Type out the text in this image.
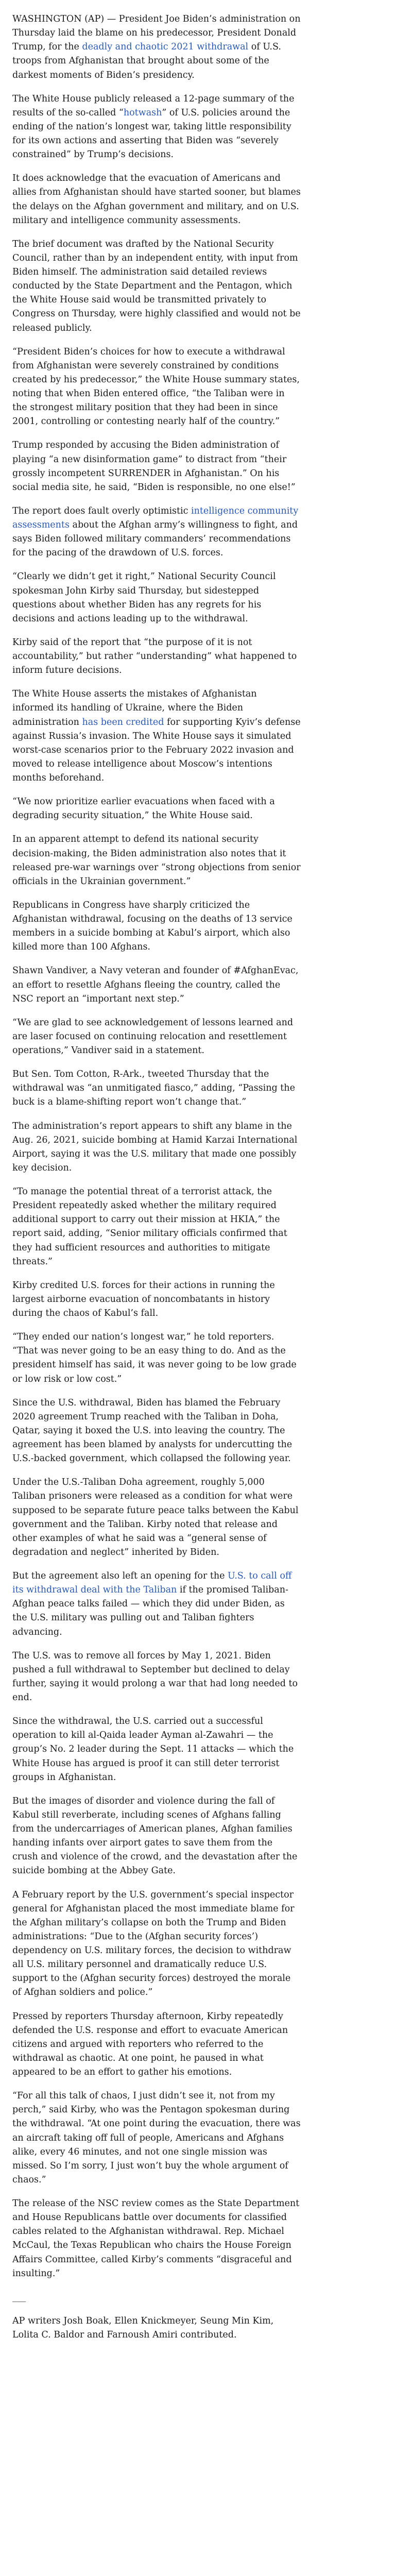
WASHINGTON (AP) — President Joe Biden’s administration on Thursday laid the blame on his predecessor, President Donald Trump, for the deadly and chaotic 2021 withdrawal of U.S. troops from Afghanistan that brought about some of the darkest moments of Biden’s presidency.

The White House publicly released a 12-page summary of the results of the so-called “hotwash” of U.S. policies around the ending of the nation’s longest war, taking little responsibility for its own actions and asserting that Biden was “severely constrained” by Trump’s decisions.

It does acknowledge that the evacuation of Americans and allies from Afghanistan should have started sooner, but blames the delays on the Afghan government and military, and on U.S. military and intelligence community assessments.

The brief document was drafted by the National Security Council, rather than by an independent entity, with input from Biden himself. The administration said detailed reviews conducted by the State Department and the Pentagon, which the White House said would be transmitted privately to Congress on Thursday, were highly classified and would not be released publicly.

“President Biden’s choices for how to execute a withdrawal from Afghanistan were severely constrained by conditions created by his predecessor,” the White House summary states, noting that when Biden entered office, “the Taliban were in the strongest military position that they had been in since 2001, controlling or contesting nearly half of the country.”

Trump responded by accusing the Biden administration of playing “a new disinformation game” to distract from “their grossly incompetent SURRENDER in Afghanistan.” On his social media site, he said, “Biden is responsible, no one else!”

The report does fault overly optimistic intelligence community assessments about the Afghan army’s willingness to fight, and says Biden followed military commanders’ recommendations for the pacing of the drawdown of U.S. forces.

“Clearly we didn’t get it right,” National Security Council spokesman John Kirby said Thursday, but sidestepped questions about whether Biden has any regrets for his decisions and actions leading up to the withdrawal.

Kirby said of the report that “the purpose of it is not accountability,” but rather “understanding” what happened to inform future decisions.

The White House asserts the mistakes of Afghanistan informed its handling of Ukraine, where the Biden administration has been credited for supporting Kyiv’s defense against Russia’s invasion. The White House says it simulated worst-case scenarios prior to the February 2022 invasion and moved to release intelligence about Moscow’s intentions months beforehand.

“We now prioritize earlier evacuations when faced with a degrading security situation,” the White House said.

In an apparent attempt to defend its national security decision-making, the Biden administration also notes that it released pre-war warnings over “strong objections from senior officials in the Ukrainian government.”

Republicans in Congress have sharply criticized the Afghanistan withdrawal, focusing on the deaths of 13 service members in a suicide bombing at Kabul’s airport, which also killed more than 100 Afghans.

Shawn Vandiver, a Navy veteran and founder of #AfghanEvac, an effort to resettle Afghans fleeing the country, called the NSC report an “important next step.”

“We are glad to see acknowledgement of lessons learned and are laser focused on continuing relocation and resettlement operations,” Vandiver said in a statement.

But Sen. Tom Cotton, R-Ark., tweeted Thursday that the withdrawal was “an unmitigated fiasco,” adding, “Passing the buck is a blame-shifting report won’t change that.”

The administration’s report appears to shift any blame in the Aug. 26, 2021, suicide bombing at Hamid Karzai International Airport, saying it was the U.S. military that made one possibly key decision.

“To manage the potential threat of a terrorist attack, the President repeatedly asked whether the military required additional support to carry out their mission at HKIA,” the report said, adding, “Senior military officials confirmed that they had sufficient resources and authorities to mitigate threats.”

Kirby credited U.S. forces for their actions in running the largest airborne evacuation of noncombatants in history during the chaos of Kabul’s fall.

“They ended our nation’s longest war,” he told reporters. “That was never going to be an easy thing to do. And as the president himself has said, it was never going to be low grade or low risk or low cost.”

Since the U.S. withdrawal, Biden has blamed the February 2020 agreement Trump reached with the Taliban in Doha, Qatar, saying it boxed the U.S. into leaving the country. The agreement has been blamed by analysts for undercutting the U.S.-backed government, which collapsed the following year.

Under the U.S.-Taliban Doha agreement, roughly 5,000 Taliban prisoners were released as a condition for what were supposed to be separate future peace talks between the Kabul government and the Taliban. Kirby noted that release and other examples of what he said was a “general sense of degradation and neglect” inherited by Biden.

But the agreement also left an opening for the U.S. to call off its withdrawal deal with the Taliban if the promised Taliban-Afghan peace talks failed — which they did under Biden, as the U.S. military was pulling out and Taliban fighters advancing.

The U.S. was to remove all forces by May 1, 2021. Biden pushed a full withdrawal to September but declined to delay further, saying it would prolong a war that had long needed to end.

Since the withdrawal, the U.S. carried out a successful operation to kill al-Qaida leader Ayman al-Zawahri — the group’s No. 2 leader during the Sept. 11 attacks — which the White House has argued is proof it can still deter terrorist groups in Afghanistan.

But the images of disorder and violence during the fall of Kabul still reverberate, including scenes of Afghans falling from the undercarriages of American planes, Afghan families handing infants over airport gates to save them from the crush and violence of the crowd, and the devastation after the suicide bombing at the Abbey Gate.

A February report by the U.S. government’s special inspector general for Afghanistan placed the most immediate blame for the Afghan military’s collapse on both the Trump and Biden administrations: “Due to the (Afghan security forces’) dependency on U.S. military forces, the decision to withdraw all U.S. military personnel and dramatically reduce U.S. support to the (Afghan security forces) destroyed the morale of Afghan soldiers and police.”

Pressed by reporters Thursday afternoon, Kirby repeatedly defended the U.S. response and effort to evacuate American citizens and argued with reporters who referred to the withdrawal as chaotic. At one point, he paused in what appeared to be an effort to gather his emotions.

“For all this talk of chaos, I just didn’t see it, not from my perch,” said Kirby, who was the Pentagon spokesman during the withdrawal. “At one point during the evacuation, there was an aircraft taking off full of people, Americans and Afghans alike, every 46 minutes, and not one single mission was missed. So I’m sorry, I just won’t buy the whole argument of chaos.”

The release of the NSC review comes as the State Department and House Republicans battle over documents for classified cables related to the Afghanistan withdrawal. Rep. Michael McCaul, the Texas Republican who chairs the House Foreign Affairs Committee, called Kirby’s comments “disgraceful and insulting.”

___

AP writers Josh Boak, Ellen Knickmeyer, Seung Min Kim, Lolita C. Baldor and Farnoush Amiri contributed.
